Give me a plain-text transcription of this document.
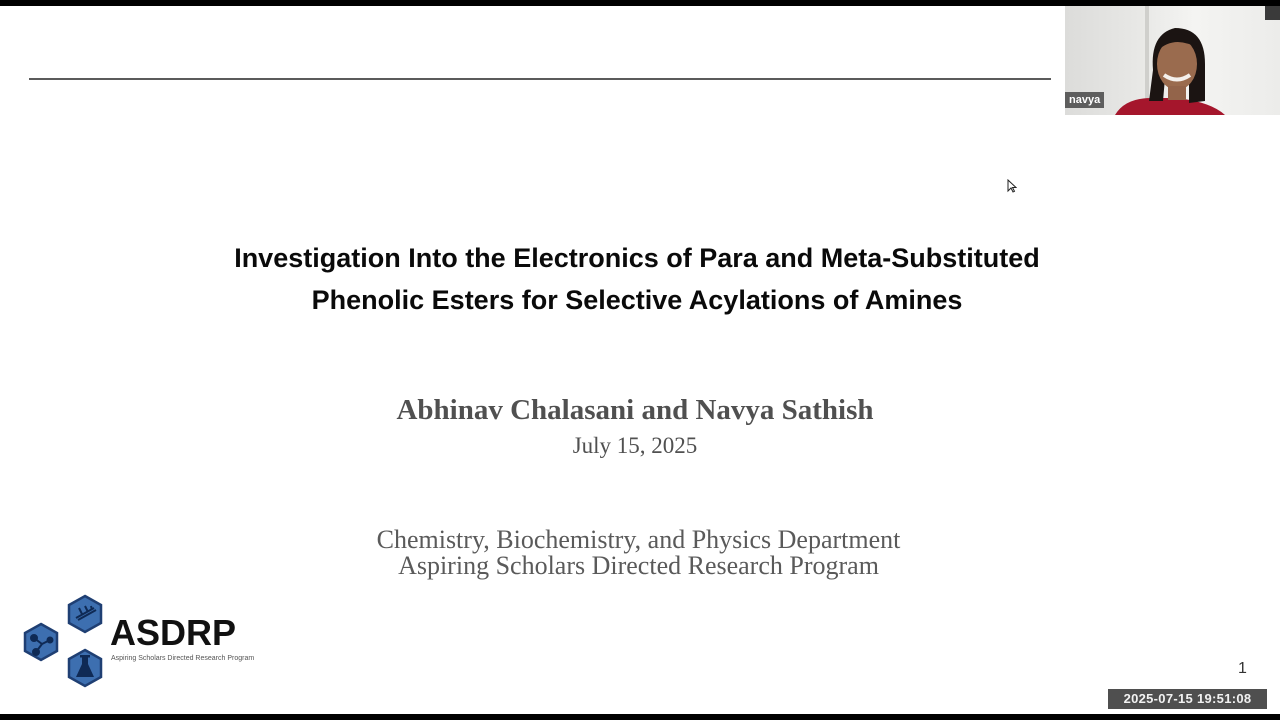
Investigation Into the Electronics of Para and Meta-Substituted
Phenolic Esters for Selective Acylations of Amines
Abhinav Chalasani and Navya Sathish
July 15, 2025
Chemistry, Biochemistry, and Physics Department
Aspiring Scholars Directed Research Program
ASDRP
Aspiring Scholars Directed Research Program
1
navya
2025-07-15 19:51:08
